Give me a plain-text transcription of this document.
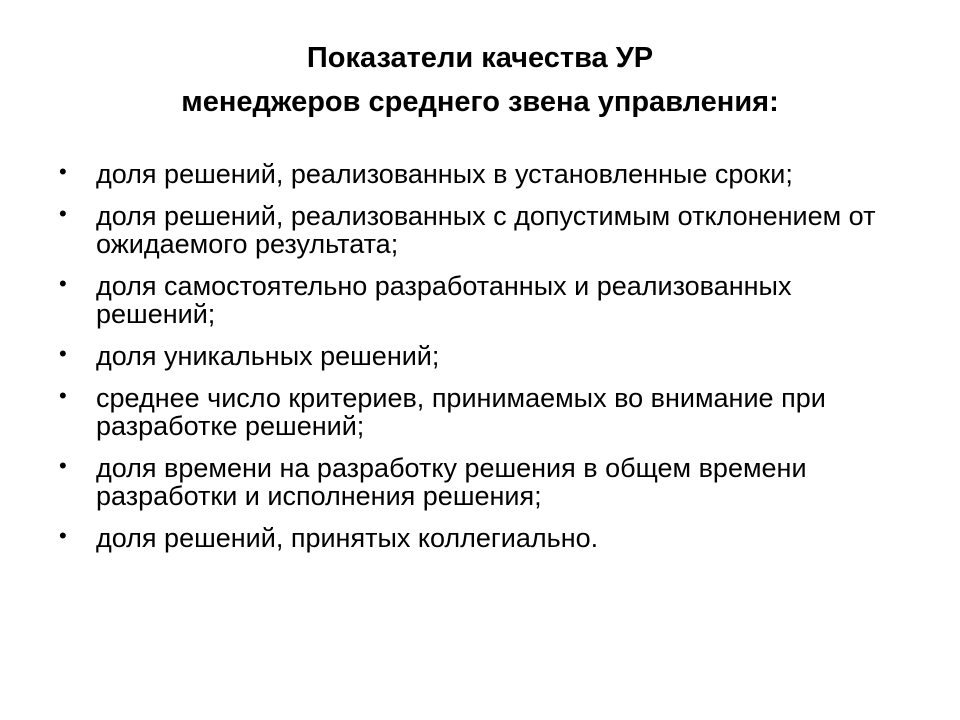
Показатели качества УР
менеджеров среднего звена управления:
• доля решений, реализованных в установленные сроки;
• доля решений, реализованных с допустимым отклонением от ожидаемого результата;
• доля самостоятельно разработанных и реализованных решений;
• доля уникальных решений;
• среднее число критериев, принимаемых во внимание при разработке решений;
• доля времени на разработку решения в общем времени разработки и исполнения решения;
• доля решений, принятых коллегиально.
